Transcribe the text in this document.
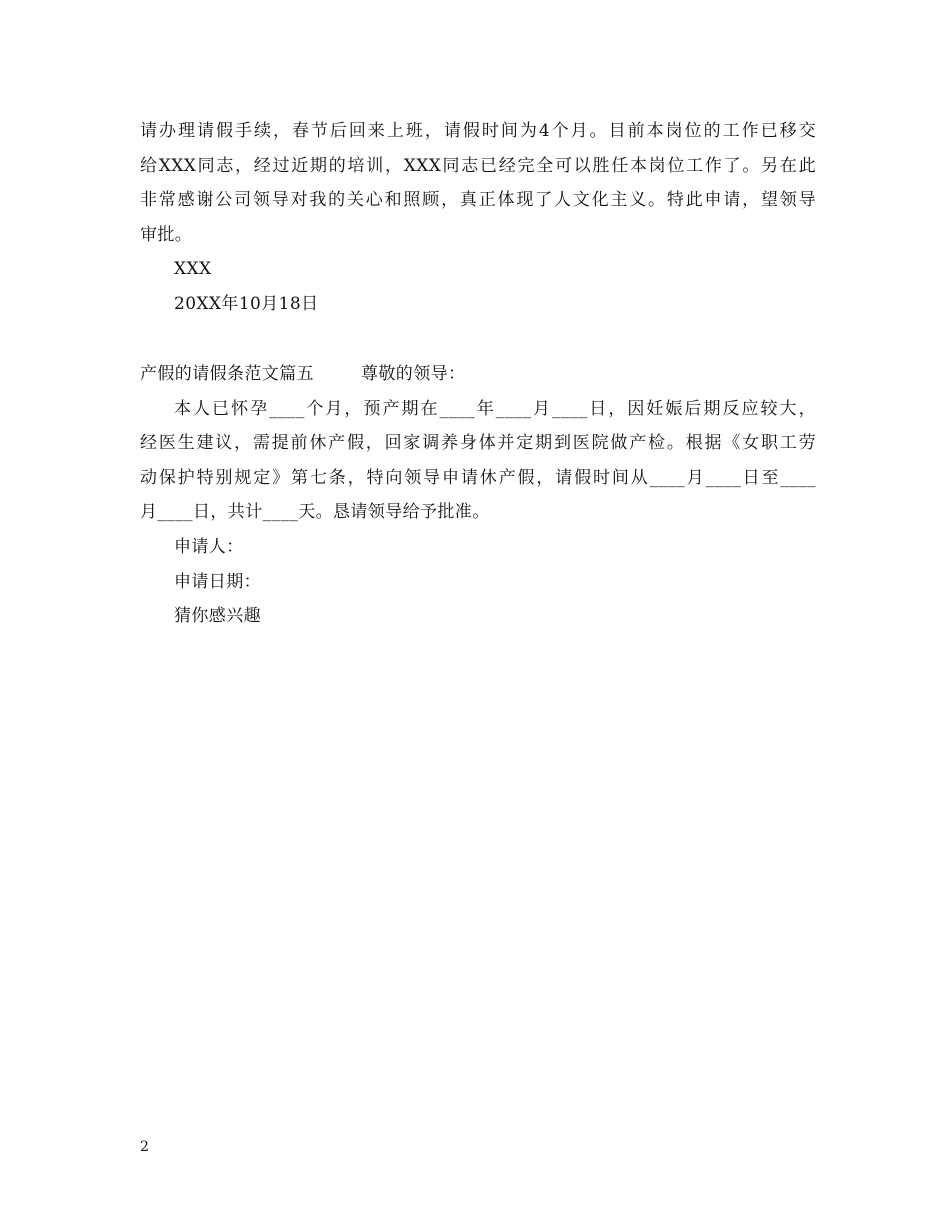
请办理请假手续，春节后回来上班，请假时间为4个月。目前本岗位的工作已移交
给XXX同志，经过近期的培训，XXX同志已经完全可以胜任本岗位工作了。另在此
非常感谢公司领导对我的关心和照顾，真正体现了人文化主义。特此申请，望领导
审批。
XXX
20XX年10月18日
产假的请假条范文篇五	尊敬的领导：
本人已怀孕____个月，预产期在____年____月____日，因妊娠后期反应较大，
经医生建议，需提前休产假，回家调养身体并定期到医院做产检。根据《女职工劳
动保护特别规定》第七条，特向领导申请休产假，请假时间从____月____日至____
月____日，共计____天。恳请领导给予批准。
申请人：
申请日期：
猜你感兴趣
2
